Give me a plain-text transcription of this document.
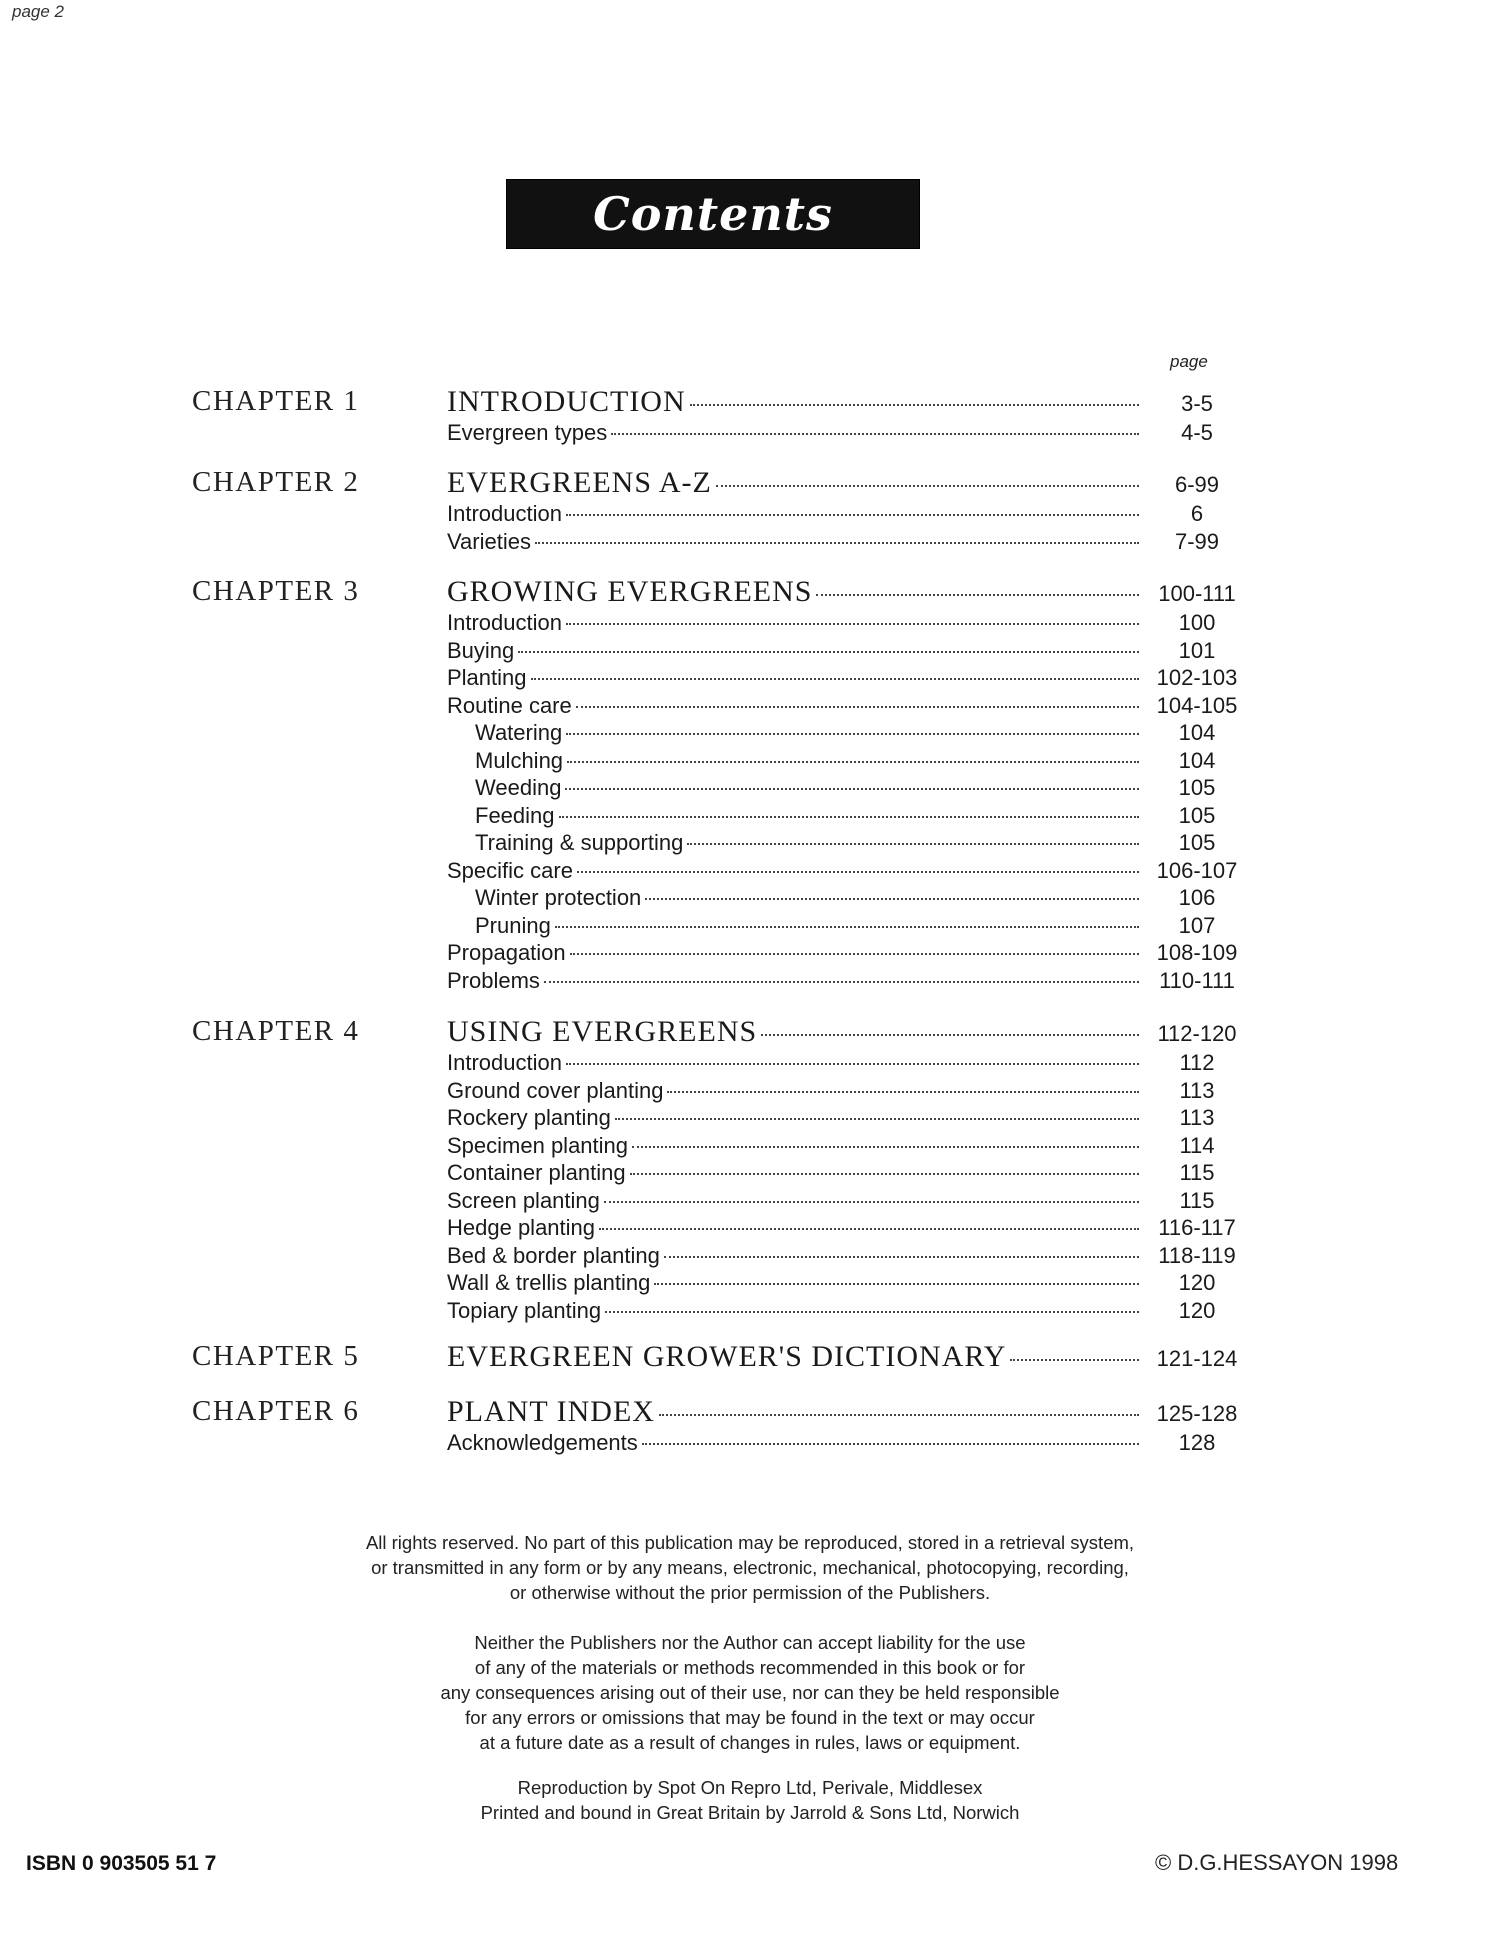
page 2
Contents
page
CHAPTER 1	INTRODUCTION	3-5
Evergreen types	4-5
CHAPTER 2	EVERGREENS A-Z	6-99
Introduction	6
Varieties	7-99
CHAPTER 3	GROWING EVERGREENS	100-111
Introduction	100
Buying	101
Planting	102-103
Routine care	104-105
Watering	104
Mulching	104
Weeding	105
Feeding	105
Training & supporting	105
Specific care	106-107
Winter protection	106
Pruning	107
Propagation	108-109
Problems	110-111
CHAPTER 4	USING EVERGREENS	112-120
Introduction	112
Ground cover planting	113
Rockery planting	113
Specimen planting	114
Container planting	115
Screen planting	115
Hedge planting	116-117
Bed & border planting	118-119
Wall & trellis planting	120
Topiary planting	120
CHAPTER 5	EVERGREEN GROWER'S DICTIONARY	121-124
CHAPTER 6	PLANT INDEX	125-128
Acknowledgements	128

All rights reserved. No part of this publication may be reproduced, stored in a retrieval system,

or transmitted in any form or by any means, electronic, mechanical, photocopying, recording,

or otherwise without the prior permission of the Publishers.

Neither the Publishers nor the Author can accept liability for the use

of any of the materials or methods recommended in this book or for

any consequences arising out of their use, nor can they be held responsible

for any errors or omissions that may be found in the text or may occur

at a future date as a result of changes in rules, laws or equipment.

Reproduction by Spot On Repro Ltd, Perivale, Middlesex

Printed and bound in Great Britain by Jarrold & Sons Ltd, Norwich

ISBN 0 903505 51 7	© D.G.HESSAYON 1998
